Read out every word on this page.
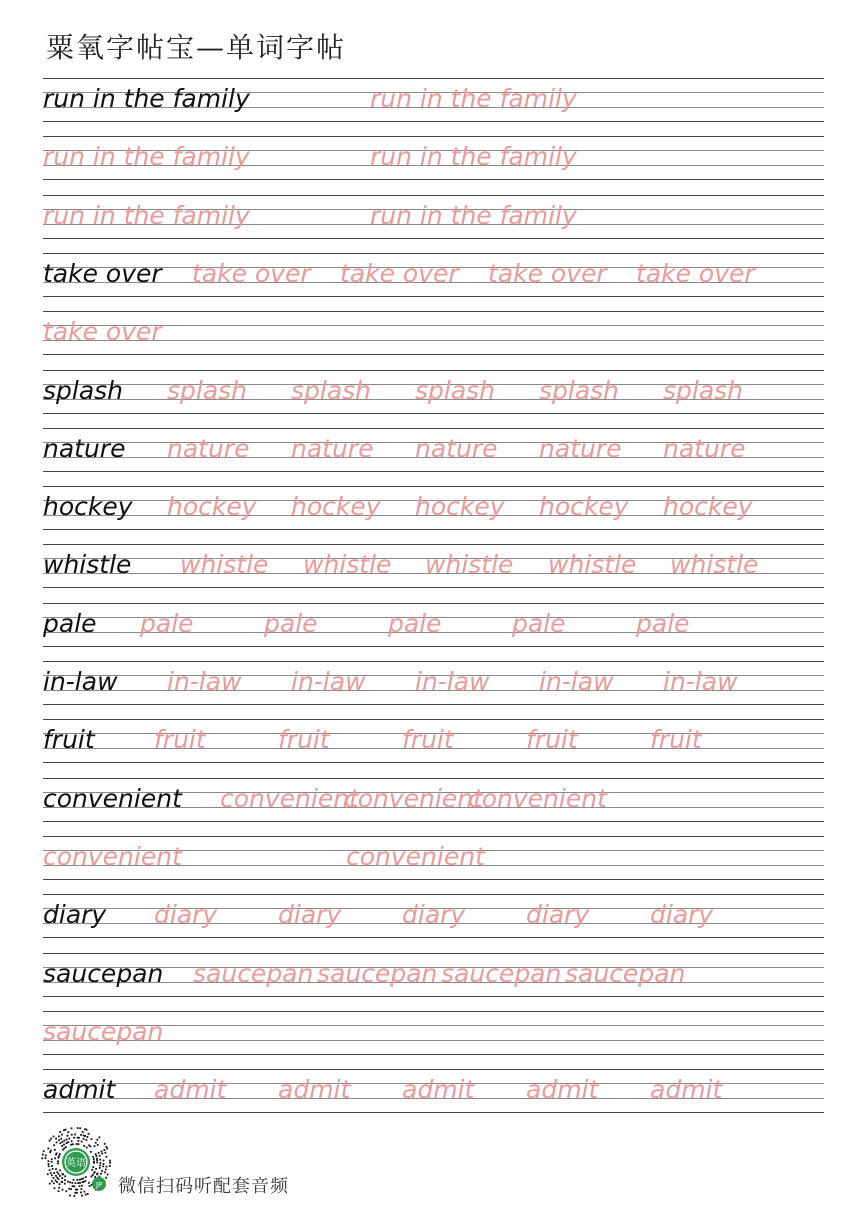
粟氧字帖宝—单词字帖
run in the family	run in the family
run in the family	run in the family
run in the family	run in the family
take over take over take over take over take over
take over
splash splash splash splash splash splash
nature nature nature nature nature nature
hockey hockey hockey hockey hockey hockey
whistle whistle whistle whistle whistle whistle
pale pale	pale	pale	pale	pale
in-law in-law in-law in-law in-law in-law
fruit fruit	fruit	fruit	fruit	fruit
convenient convenient
convenient
convenient
convenient	convenient
diary diary diary diary diary diary
saucepan saucepan saucepan saucepan saucepan
saucepan
admit admit admit admit admit admit
英语
JP 微信扫码听配套音频
